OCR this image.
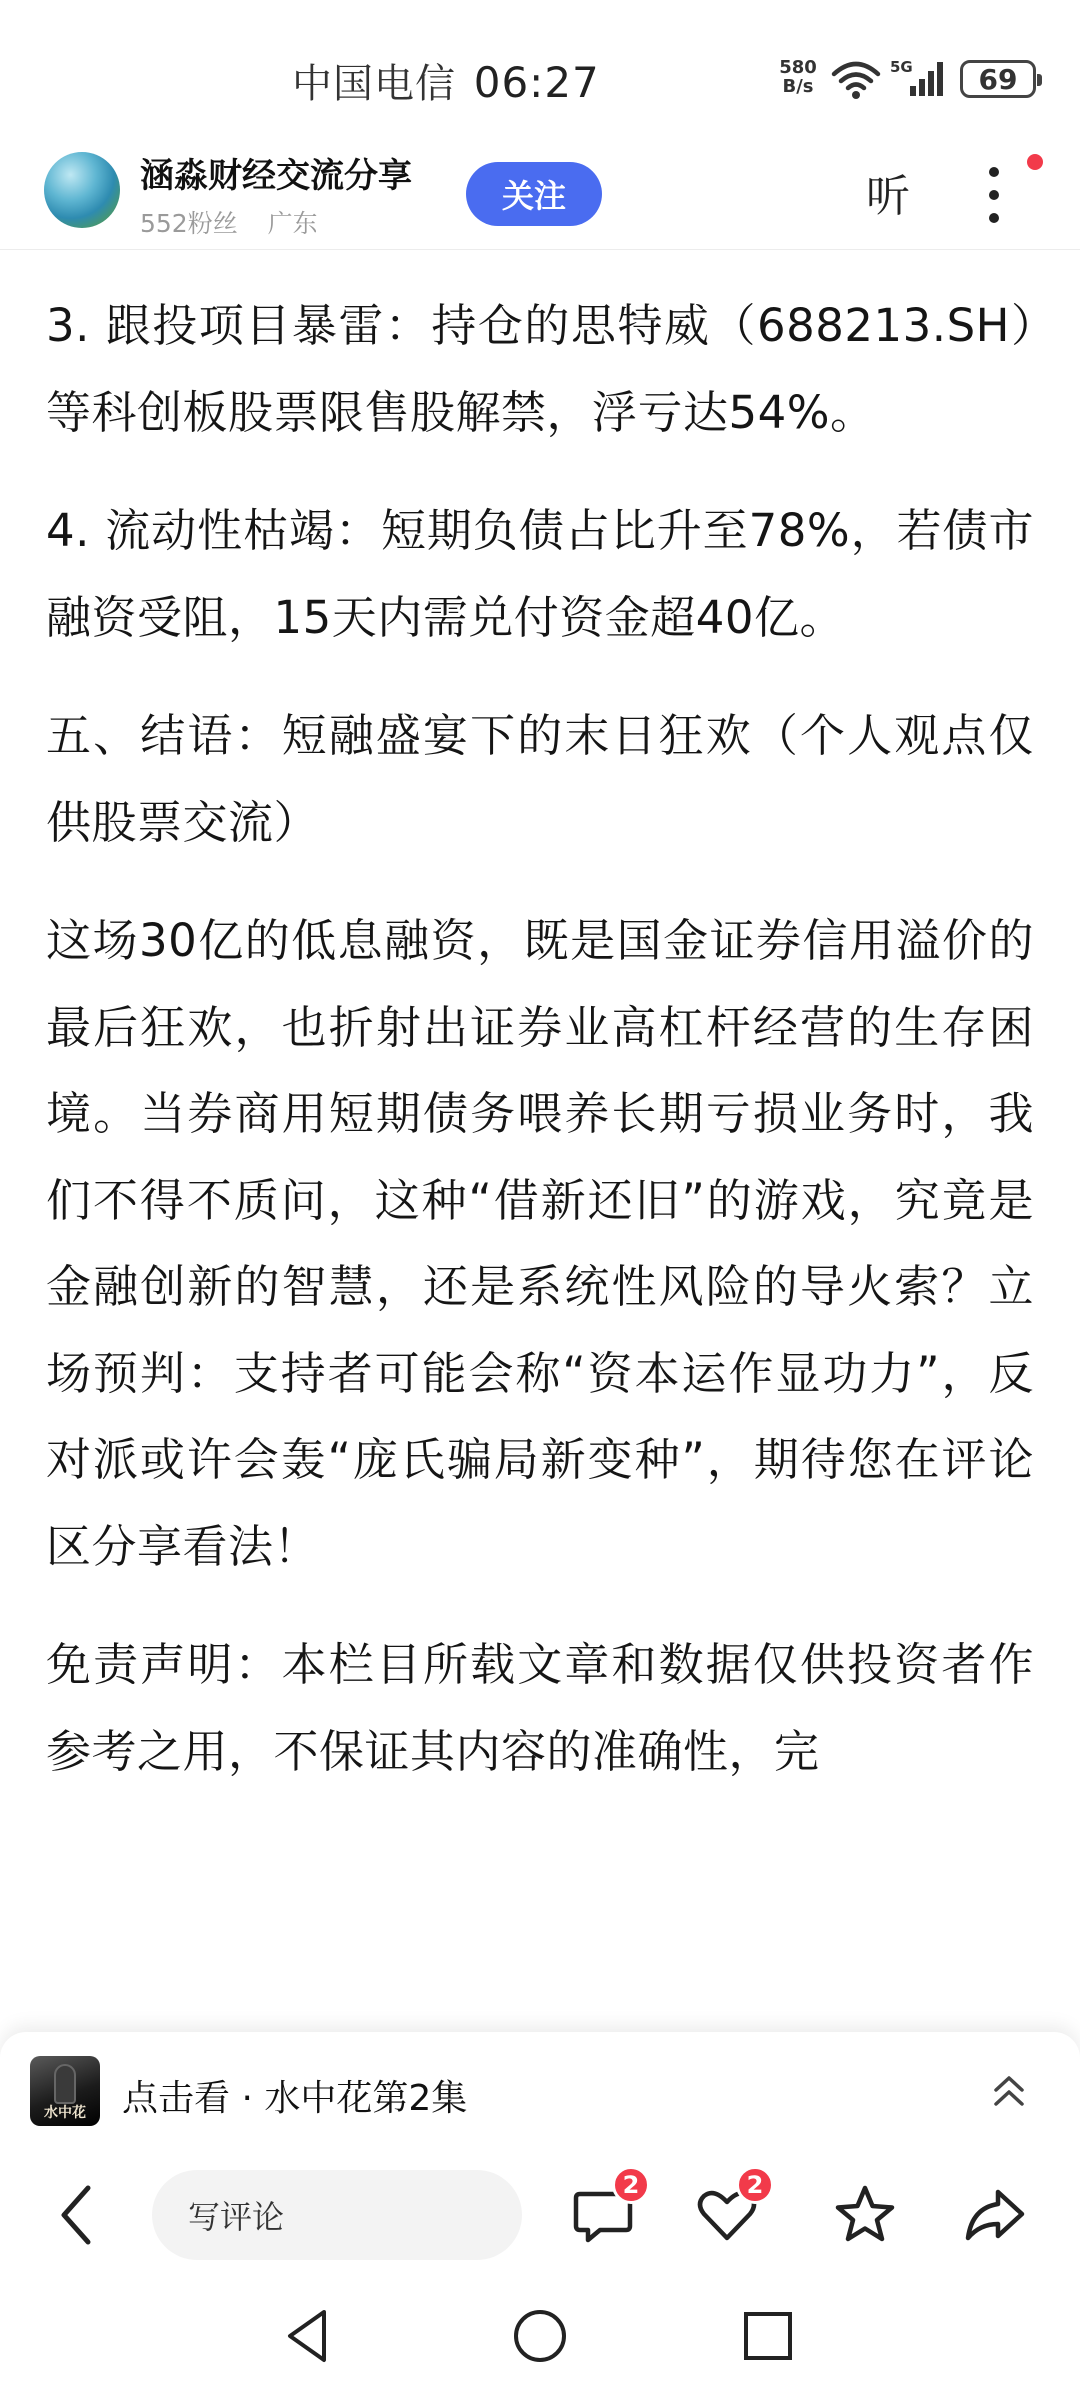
中国电信 06:27	580
B/s
5G 69
涵淼财经交流分享
552粉丝 广东
关注	听

3. 跟投项目暴雷：持仓的思特威（688213.SH）等科创板股票限售股解禁，浮亏达54%。

4. 流动性枯竭：短期负债占比升至78%，若债市融资受阻，15天内需兑付资金超40亿。

五、结语：短融盛宴下的末日狂欢（个人观点仅供股票交流）

这场30亿的低息融资，既是国金证券信用溢价的最后狂欢，也折射出证券业高杠杆经营的生存困境。当券商用短期债务喂养长期亏损业务时，我们不得不质问，这种“借新还旧”的游戏，究竟是金融创新的智慧，还是系统性风险的导火索？立场预判：支持者可能会称“资本运作显功力”，反对派或许会轰“庞氏骗局新变种”，期待您在评论区分享看法！

免责声明：本栏目所载文章和数据仅供投资者作参考之用，不保证其内容的准确性，完

水中花	点击看 · 水中花第2集
写评论
2	2
